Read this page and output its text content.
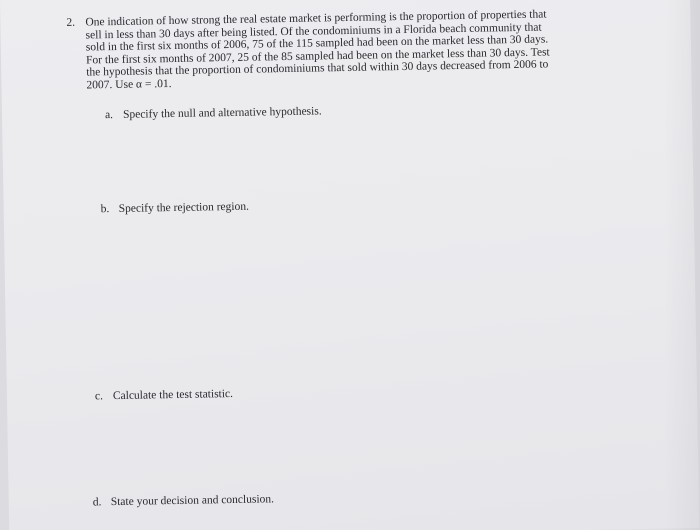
2. One indication of how strong the real estate market is performing is the proportion of properties that sell in less than 30 days after being listed. Of the condominiums in a Florida beach community that sold in the first six months of 2006, 75 of the 115 sampled had been on the market less than 30 days. For the first six months of 2007, 25 of the 85 sampled had been on the market less than 30 days. Test the hypothesis that the proportion of condominiums that sold within 30 days decreased from 2006 to 2007. Use α = .01.
a. Specify the null and alternative hypothesis.
b. Specify the rejection region.
c. Calculate the test statistic.
d. State your decision and conclusion.
